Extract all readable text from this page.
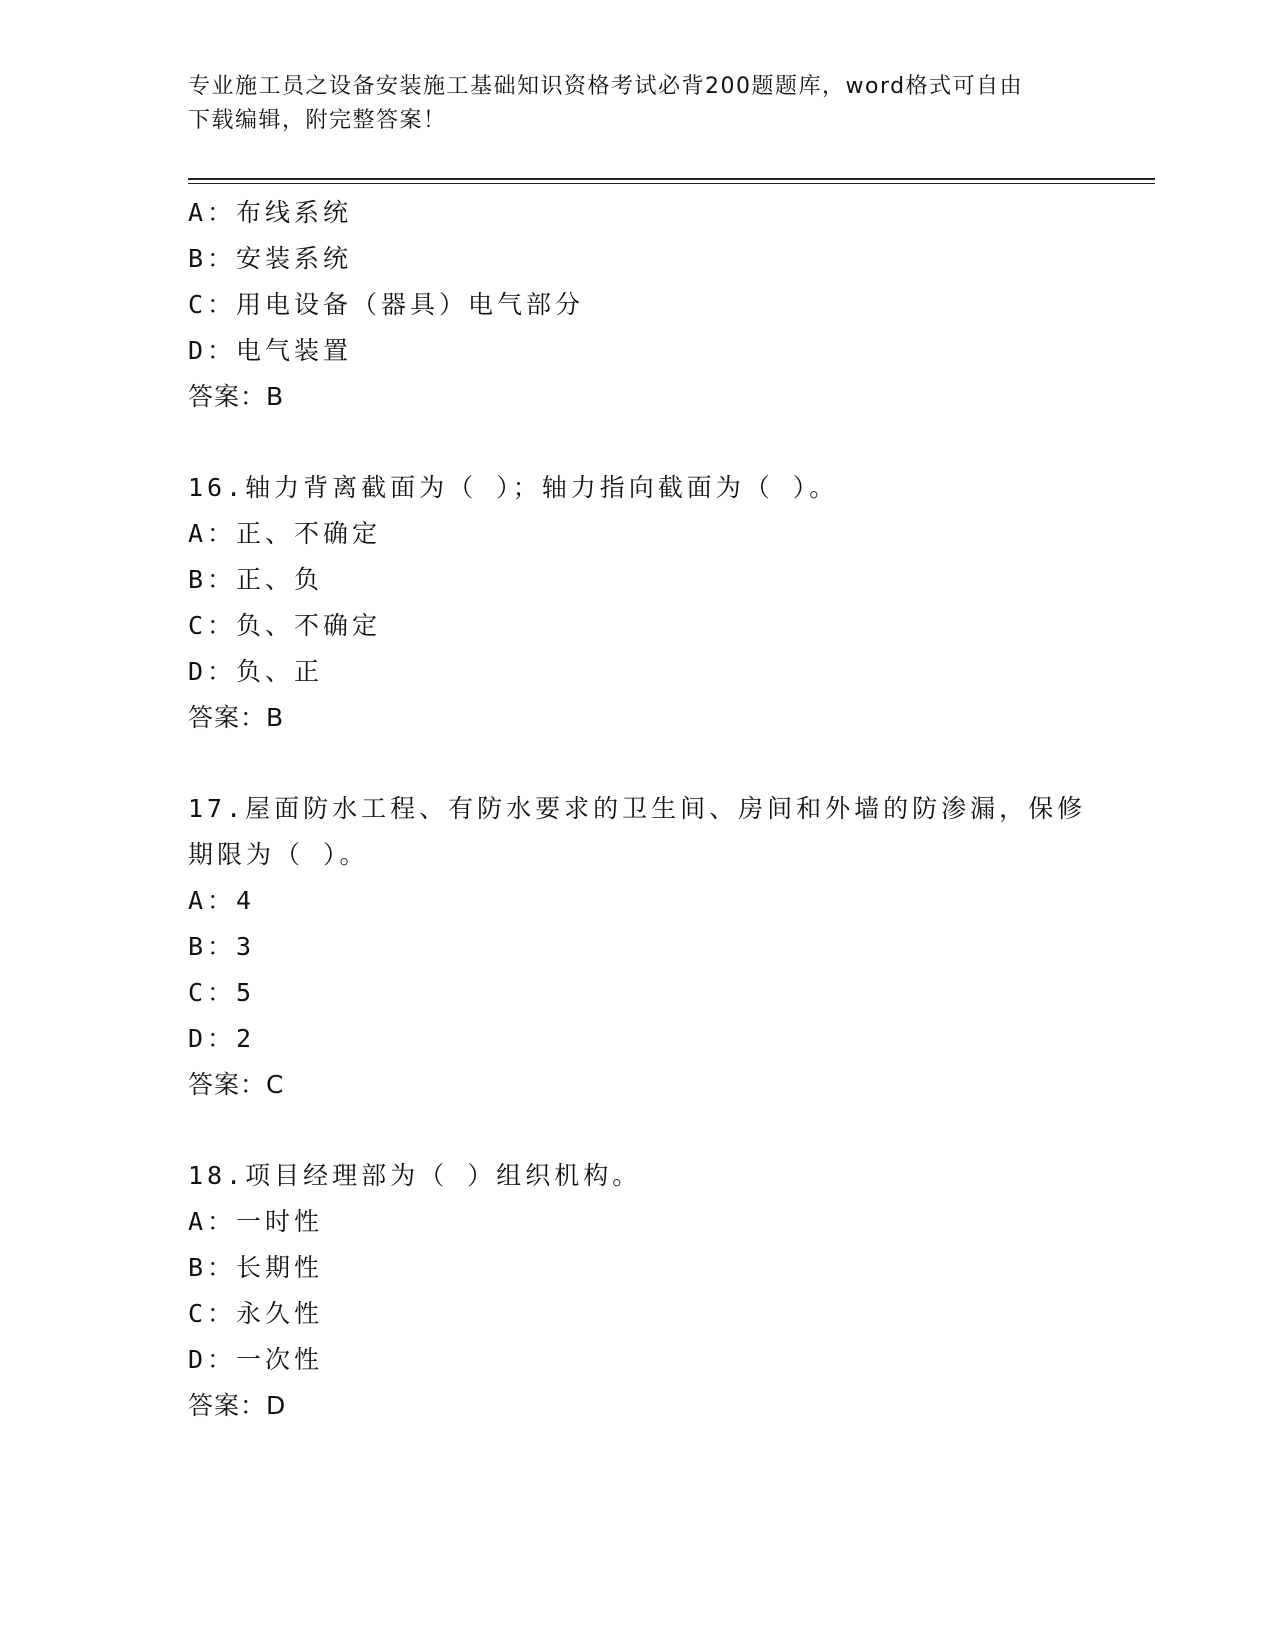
专业施工员之设备安装施工基础知识资格考试必背200题题库，word格式可自由
下载编辑，附完整答案！
A：布线系统
B：安装系统
C：用电设备（器具）电气部分
D：电气装置
答案：B
16.轴力背离截面为（ ）；轴力指向截面为（ ）。
A：正、不确定
B：正、负
C：负、不确定
D：负、正
答案：B
17.屋面防水工程、有防水要求的卫生间、房间和外墙的防渗漏，保修
期限为（ ）。
A：4
B：3
C：5
D：2
答案：C
18.项目经理部为（ ）组织机构。
A：一时性
B：长期性
C：永久性
D：一次性
答案：D
